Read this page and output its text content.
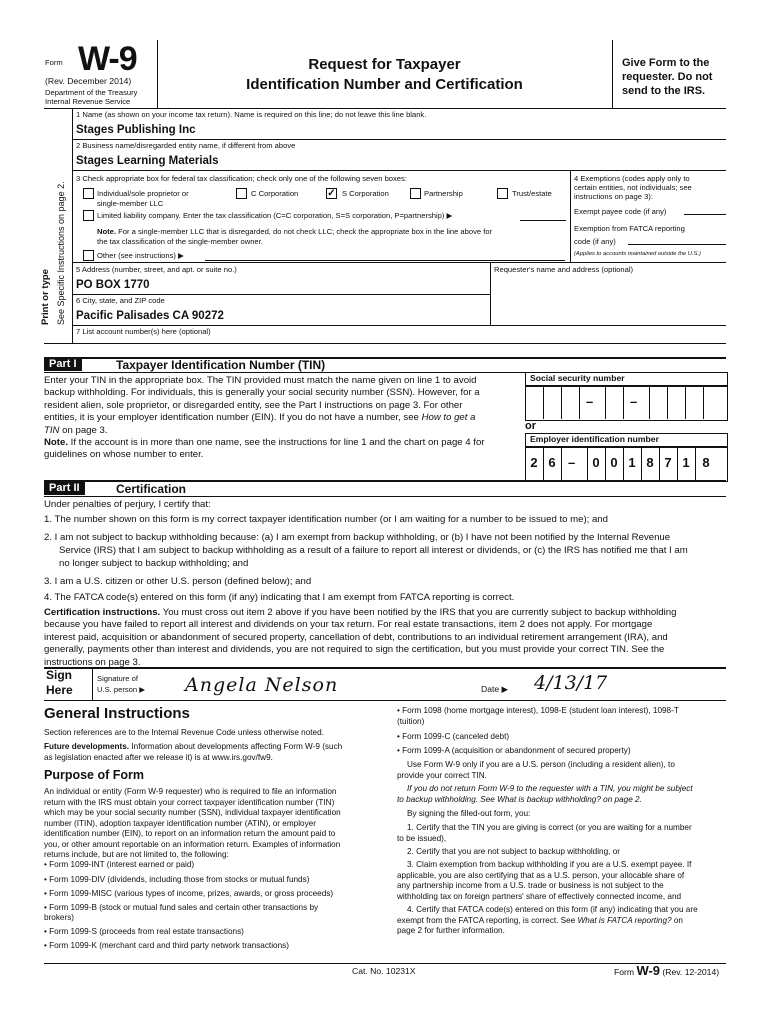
Form W-9
(Rev. December 2014)
Department of the Treasury
Internal Revenue Service
Request for Taxpayer
Identification Number and Certification
Give Form to the
requester. Do not
send to the IRS.
Print or type See Specific Instructions on page 2.
1 Name (as shown on your income tax return). Name is required on this line; do not leave this line blank.
Stages Publishing Inc
2 Business name/disregarded entity name, if different from above
Stages Learning Materials
3 Check appropriate box for federal tax classification; check only one of the following seven boxes:
Individual/sole proprietor or
single-member LLC
C Corporation	✓ S Corporation	Partnership	Trust/estate
Limited liability company. Enter the tax classification (C=C corporation, S=S corporation, P=partnership) ▶
Note. For a single-member LLC that is disregarded, do not check LLC; check the appropriate box in the line above for
the tax classification of the single-member owner.
Other (see instructions) ▶
4 Exemptions (codes apply only to
certain entities, not individuals; see
instructions on page 3):
Exempt payee code (if any)
Exemption from FATCA reporting
code (if any)
(Applies to accounts maintained outside the U.S.)
5 Address (number, street, and apt. or suite no.)	Requester's name and address (optional)
PO BOX 1770
6 City, state, and ZIP code
Pacific Palisades CA 90272
7 List account number(s) here (optional)
Part I	Taxpayer Identification Number (TIN)
Enter your TIN in the appropriate box. The TIN provided must match the name given on line 1 to avoid
backup withholding. For individuals, this is generally your social security number (SSN). However, for a
resident alien, sole proprietor, or disregarded entity, see the Part I instructions on page 3. For other
entities, it is your employer identification number (EIN). If you do not have a number, see How to get a
TIN on page 3.
Note. If the account is in more than one name, see the instructions for line 1 and the chart on page 4 for
guidelines on whose number to enter.
Social security number
–	–
or
Employer identification number
–
2 6	0 0 1 8 7 1 8
Part II	Certification
Under penalties of perjury, I certify that:
1. The number shown on this form is my correct taxpayer identification number (or I am waiting for a number to be issued to me); and
2. I am not subject to backup withholding because: (a) I am exempt from backup withholding, or (b) I have not been notified by the Internal Revenue
Service (IRS) that I am subject to backup withholding as a result of a failure to report all interest or dividends, or (c) the IRS has notified me that I am
no longer subject to backup withholding; and
3. I am a U.S. citizen or other U.S. person (defined below); and
4. The FATCA code(s) entered on this form (if any) indicating that I am exempt from FATCA reporting is correct.
Certification instructions. You must cross out item 2 above if you have been notified by the IRS that you are currently subject to backup withholding
because you have failed to report all interest and dividends on your tax return. For real estate transactions, item 2 does not apply. For mortgage
interest paid, acquisition or abandonment of secured property, cancellation of debt, contributions to an individual retirement arrangement (IRA), and
generally, payments other than interest and dividends, you are not required to sign the certification, but you must provide your correct TIN. See the
instructions on page 3.
Sign
Here
Signature of
U.S. person ▶ Angela Nelson	Date ▶ 4/13/17
General Instructions
Section references are to the Internal Revenue Code unless otherwise noted.
Future developments. Information about developments affecting Form W-9 (such
as legislation enacted after we release it) is at www.irs.gov/fw9.
Purpose of Form
An individual or entity (Form W-9 requester) who is required to file an information
return with the IRS must obtain your correct taxpayer identification number (TIN)
which may be your social security number (SSN), individual taxpayer identification
number (ITIN), adoption taxpayer identification number (ATIN), or employer
identification number (EIN), to report on an information return the amount paid to
you, or other amount reportable on an information return. Examples of information
returns include, but are not limited to, the following:
• Form 1099-INT (interest earned or paid)
• Form 1099-DIV (dividends, including those from stocks or mutual funds)
• Form 1099-MISC (various types of income, prizes, awards, or gross proceeds)
• Form 1099-B (stock or mutual fund sales and certain other transactions by
brokers)
• Form 1099-S (proceeds from real estate transactions)
• Form 1099-K (merchant card and third party network transactions)
• Form 1098 (home mortgage interest), 1098-E (student loan interest), 1098-T
(tuition)
• Form 1099-C (canceled debt)
• Form 1099-A (acquisition or abandonment of secured property)
Use Form W-9 only if you are a U.S. person (including a resident alien), to
provide your correct TIN.
If you do not return Form W-9 to the requester with a TIN, you might be subject
to backup withholding. See What is backup withholding? on page 2.
By signing the filled-out form, you:
1. Certify that the TIN you are giving is correct (or you are waiting for a number
to be issued),
2. Certify that you are not subject to backup withholding, or
3. Claim exemption from backup withholding if you are a U.S. exempt payee. If
applicable, you are also certifying that as a U.S. person, your allocable share of
any partnership income from a U.S. trade or business is not subject to the
withholding tax on foreign partners' share of effectively connected income, and
4. Certify that FATCA code(s) entered on this form (if any) indicating that you are
exempt from the FATCA reporting, is correct. See What is FATCA reporting? on
page 2 for further information.
Cat. No. 10231X	Form W-9 (Rev. 12-2014)
